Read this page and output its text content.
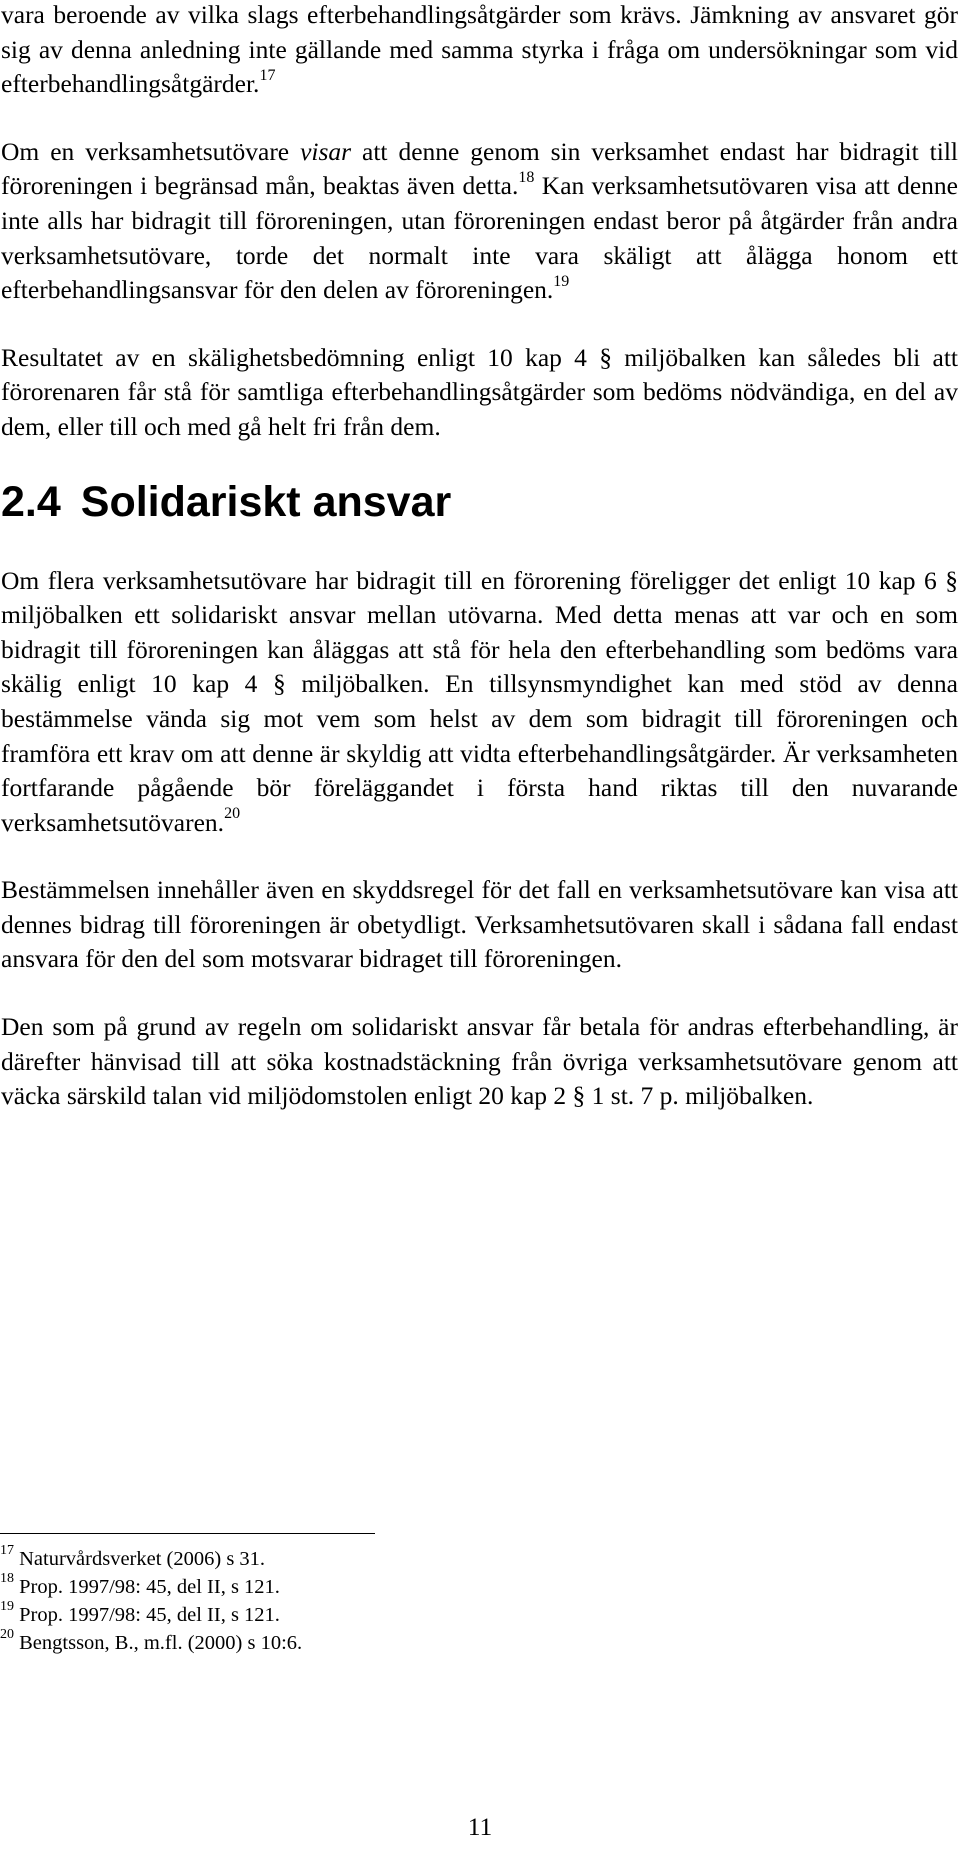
vara beroende av vilka slags efterbehandlingsåtgärder som krävs. Jämkning av ansvaret gör sig av denna anledning inte gällande med samma styrka i fråga om undersökningar som vid efterbehandlingsåtgärder.$^{17}$

Om en verksamhetsutövare visar att denne genom sin verksamhet endast har bidragit till föroreningen i begränsad mån, beaktas även detta.$^{18}$ Kan verksamhetsutövaren visa att denne inte alls har bidragit till föroreningen, utan föroreningen endast beror på åtgärder från andra verksamhetsutövare, torde det normalt inte vara skäligt att ålägga honom ett efterbehandlingsansvar för den delen av föroreningen.$^{19}$

Resultatet av en skälighetsbedömning enligt 10 kap 4 § miljöbalken kan således bli att förorenaren får stå för samtliga efterbehandlingsåtgärder som bedöms nödvändiga, en del av dem, eller till och med gå helt fri från dem.

2.4 Solidariskt ansvar

Om flera verksamhetsutövare har bidragit till en förorening föreligger det enligt 10 kap 6 § miljöbalken ett solidariskt ansvar mellan utövarna. Med detta menas att var och en som bidragit till föroreningen kan åläggas att stå för hela den efterbehandling som bedöms vara skälig enligt 10 kap 4 § miljöbalken. En tillsynsmyndighet kan med stöd av denna bestämmelse vända sig mot vem som helst av dem som bidragit till föroreningen och framföra ett krav om att denne är skyldig att vidta efterbehandlingsåtgärder. Är verksamheten fortfarande pågående bör föreläggandet i första hand riktas till den nuvarande verksamhetsutövaren.$^{20}$

Bestämmelsen innehåller även en skyddsregel för det fall en verksamhetsutövare kan visa att dennes bidrag till föroreningen är obetydligt. Verksamhetsutövaren skall i sådana fall endast ansvara för den del som motsvarar bidraget till föroreningen.

Den som på grund av regeln om solidariskt ansvar får betala för andras efterbehandling, är därefter hänvisad till att söka kostnadstäckning från övriga verksamhetsutövare genom att väcka särskild talan vid miljödomstolen enligt 20 kap 2 § 1 st. 7 p. miljöbalken.

$^{17}$ Naturvårdsverket (2006) s 31.
$^{18}$ Prop. 1997/98: 45, del II, s 121.
$^{19}$ Prop. 1997/98: 45, del II, s 121.
$^{20}$ Bengtsson, B., m.fl. (2000) s 10:6.
11
